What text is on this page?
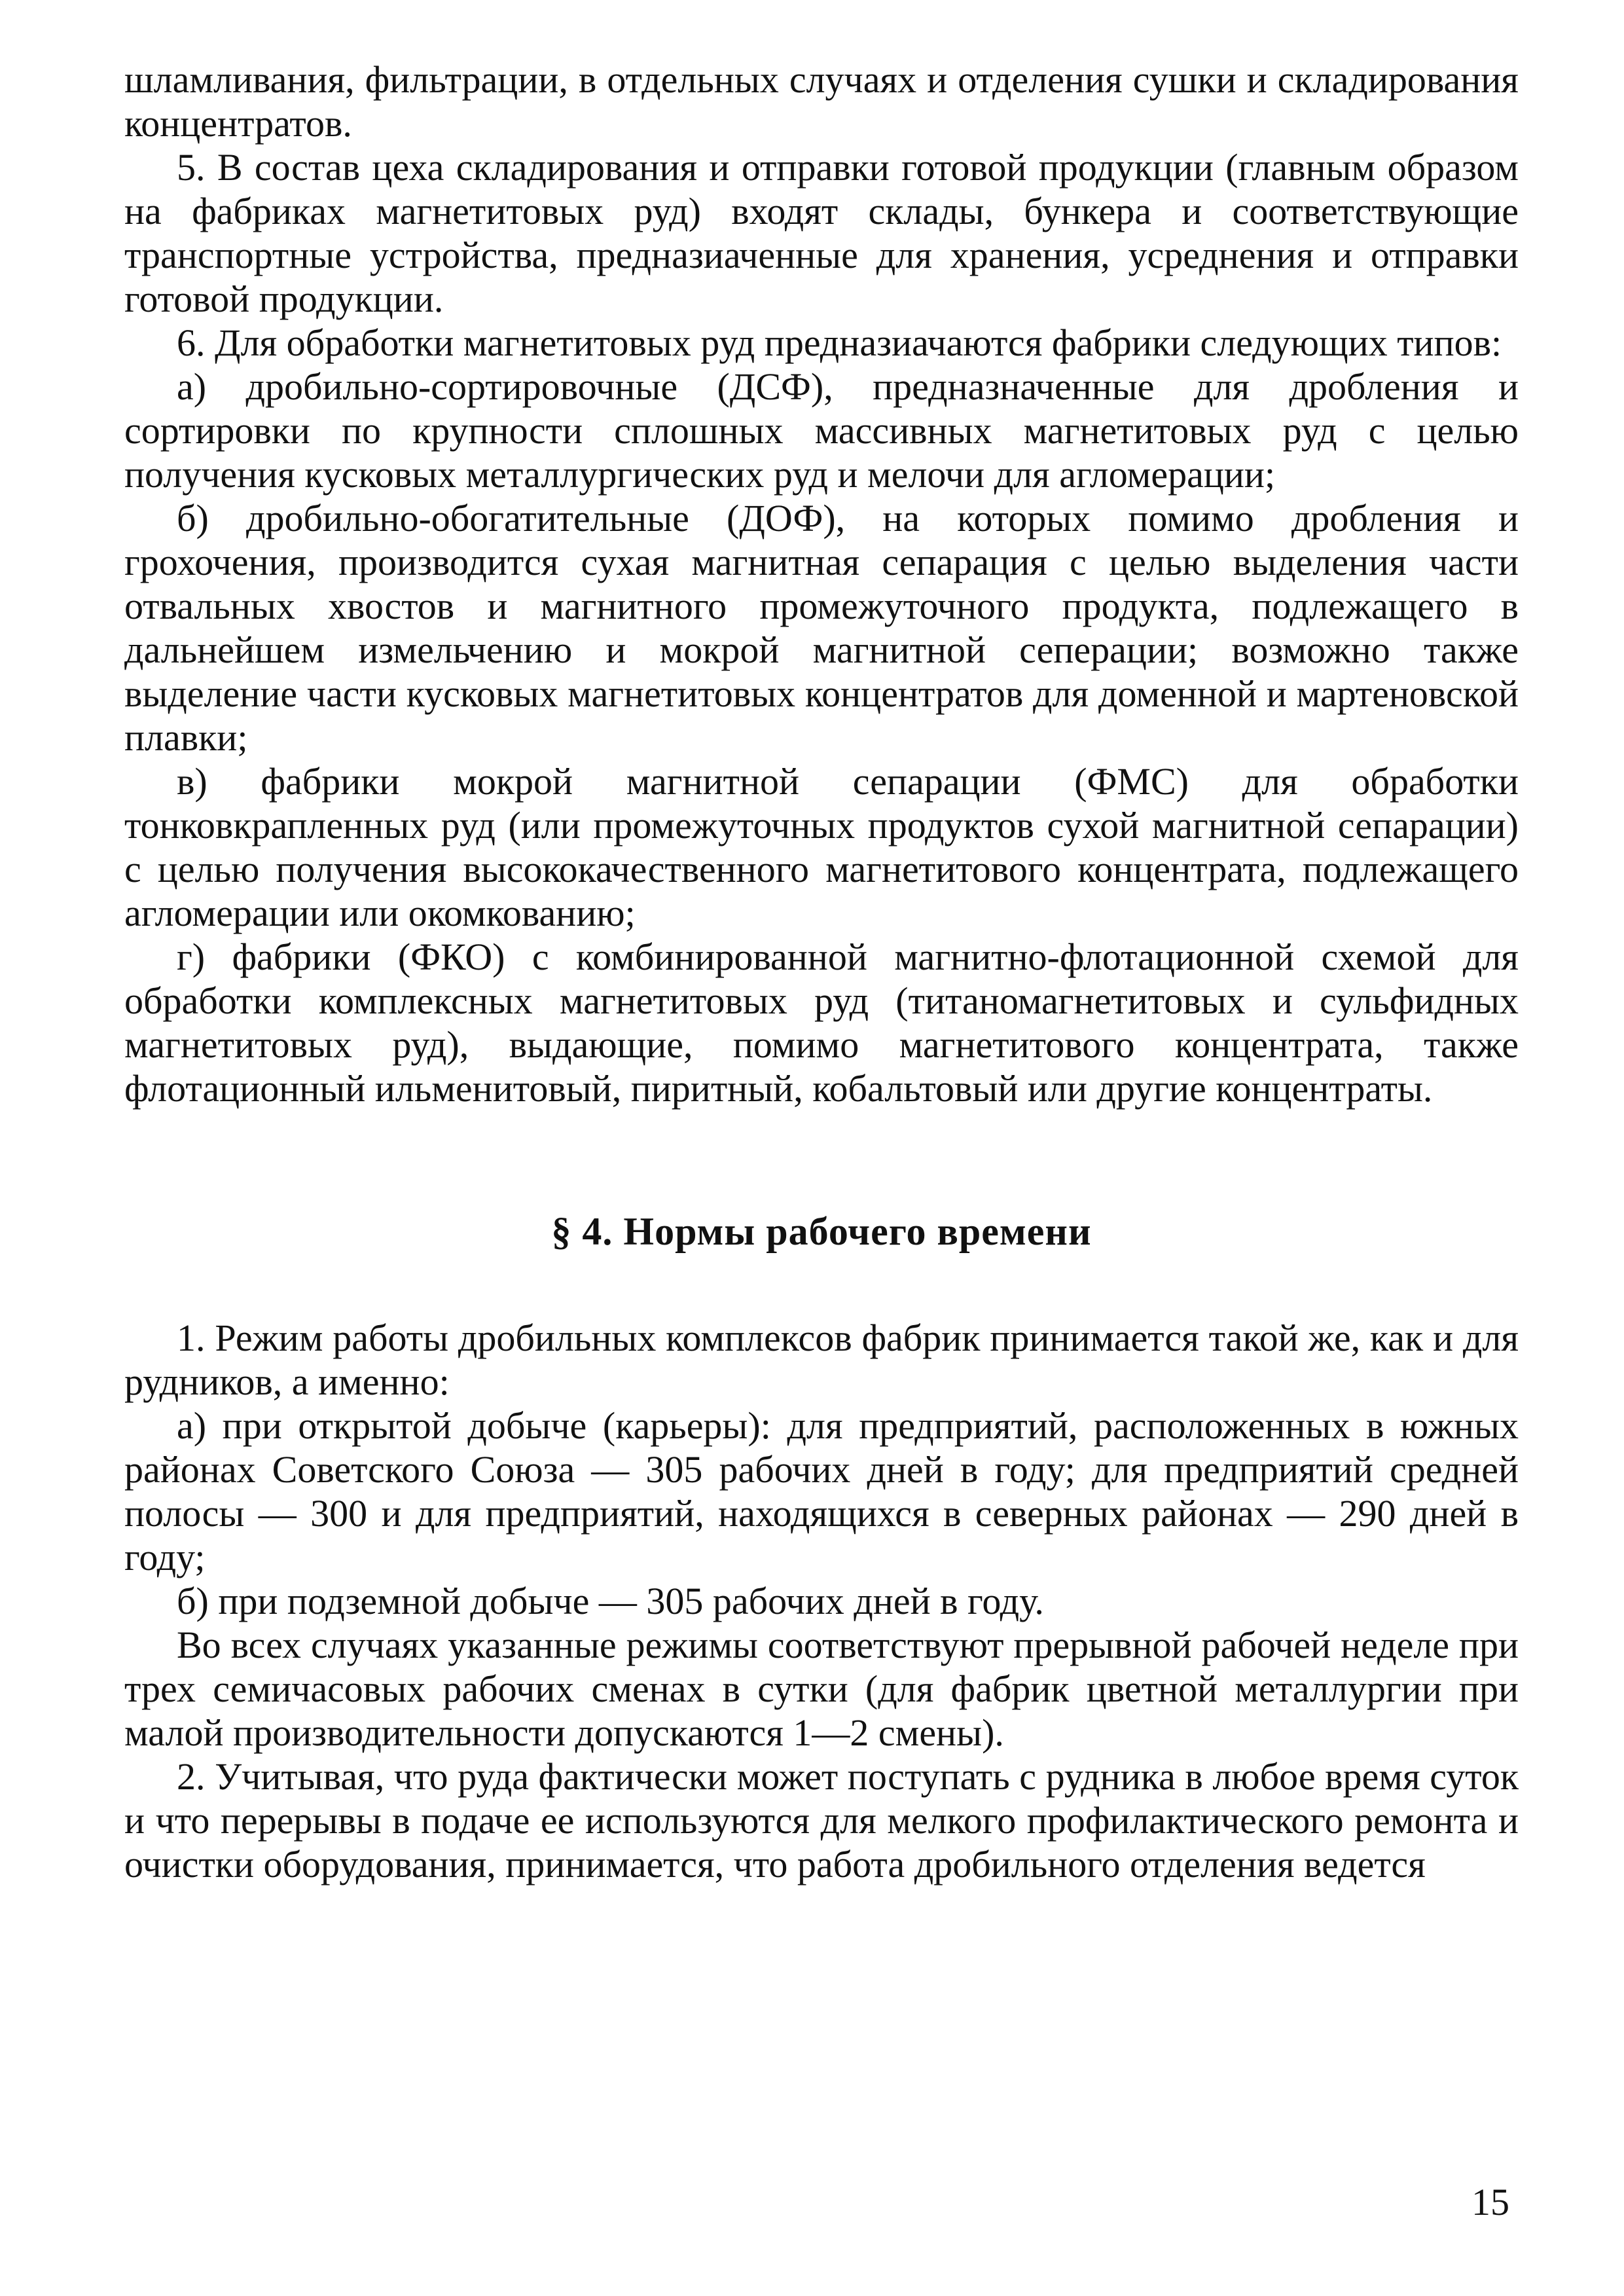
шламливания, фильтрации, в отдельных случаях и отделения сушки и складирования концентратов.

5. В состав цеха складирования и отправки готовой продукции (главным образом на фабриках магнетитовых руд) входят склады, бункера и соответствующие транспортные устройства, предназиаченные для хранения, усреднения и отправки готовой продукции.

6. Для обработки магнетитовых руд предназиачаются фабрики следующих типов:

а) дробильно-сортировочные (ДСФ), предназначенные для дробления и сортировки по крупности сплошных массивных магнетитовых руд с целью получения кусковых металлургических руд и мелочи для агломерации;

б) дробильно-обогатительные (ДОФ), на которых помимо дробления и грохочения, производится сухая магнитная сепарация с целью выделения части отвальных хвостов и магнитного промежуточного продукта, подлежащего в дальнейшем измельчению и мокрой магнитной сеперации; возможно также выделение части кусковых магнетитовых концентратов для доменной и мартеновской плавки;

в) фабрики мокрой магнитной сепарации (ФМС) для обработки тонковкрапленных руд (или промежуточных продуктов сухой магнитной сепарации) с целью получения высококачественного магнетитового концентрата, подлежащего агломерации или окомкованию;

г) фабрики (ФКО) с комбинированной магнитно-флотационной схемой для обработки комплексных магнетитовых руд (титаномагнетитовых и сульфидных магнетитовых руд), выдающие, помимо магнетитового концентрата, также флотационный ильменитовый, пиритный, кобальтовый или другие концентраты.

§ 4. Нормы рабочего времени

1. Режим работы дробильных комплексов фабрик принимается такой же, как и для рудников, а именно:

а) при открытой добыче (карьеры): для предприятий, расположенных в южных районах Советского Союза — 305 рабочих дней в году; для предприятий средней полосы — 300 и для предприятий, находящихся в северных районах — 290 дней в году;

б) при подземной добыче — 305 рабочих дней в году.

Во всех случаях указанные режимы соответствуют прерывной рабочей неделе при трех семичасовых рабочих сменах в сутки (для фабрик цветной металлургии при малой производительности допускаются 1—2 смены).

2. Учитывая, что руда фактически может поступать с рудника в любое время суток и что перерывы в подаче ее используются для мелкого профилактического ремонта и очистки оборудования, принимается, что работа дробильного отделения ведется

15
